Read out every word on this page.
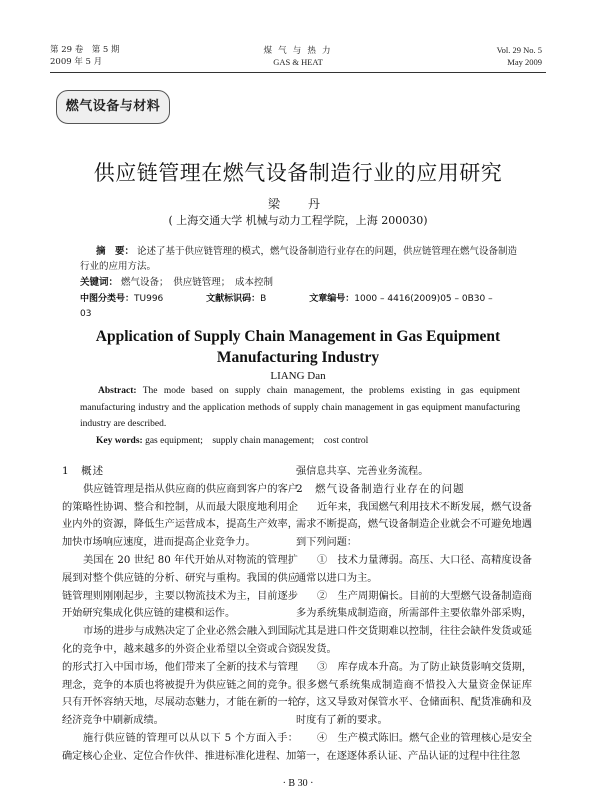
第 29 卷　第 5 期
2009 年 5 月
煤 气 与 热 力
GAS & HEAT
Vol. 29 No. 5
May 2009
燃气设备与材料
供应链管理在燃气设备制造行业的应用研究
梁　丹
( 上海交通大学 机械与动力工程学院，上海 200030)
摘　要： 论述了基于供应链管理的模式，燃气设备制造行业存在的问题，供应链管理在燃气设备制造行业的应用方法。
关键词： 燃气设备；　供应链管理；　成本控制
中图分类号：TU996	文献标识码：B	文章编号：1000 – 4416(2009)05 – 0B30 – 03
Application of Supply Chain Management in Gas Equipment
Manufacturing Industry
LIANG Dan
Abstract: The mode based on supply chain management, the problems existing in gas equipment manufacturing industry and the application methods of supply chain management in gas equipment manufacturing industry are described.
Key words: gas equipment;　supply chain management;　cost control
1　概述

供应链管理是指从供应商的供应商到客户的客户的策略性协调、整合和控制，从而最大限度地利用企业内外的资源，降低生产运营成本，提高生产效率，加快市场响应速度，进而提高企业竞争力。

美国在 20 世纪 80 年代开始从对物流的管理扩展到对整个供应链的分析、研究与重构。我国的供应链管理则刚刚起步，主要以物流技术为主，目前逐步开始研究集成化供应链的建模和运作。

市场的进步与成熟决定了企业必然会融入到国际化的竞争中，越来越多的外资企业希望以全资或合资的形式打入中国市场，他们带来了全新的技术与管理理念，竞争的本质也将被提升为供应链之间的竞争。只有开怀容纳天地，尽展动态魅力，才能在新的一轮经济竞争中刷新成绩。

施行供应链的管理可以从以下 5 个方面入手：确定核心企业、定位合作伙伴、推进标准化进程、加

强信息共享、完善业务流程。

2　燃气设备制造行业存在的问题

近年来，我国燃气利用技术不断发展，燃气设备需求不断提高，燃气设备制造企业就会不可避免地遇到下列问题：

①　技术力量薄弱。高压、大口径、高精度设备通常以进口为主。

②　生产周期偏长。目前的大型燃气设备制造商多为系统集成制造商，所需部件主要依靠外部采购，尤其是进口件交货期难以控制，往往会缺件发货或延误发货。

③　库存成本升高。为了防止缺货影响交货期，很多燃气系统集成制造商不惜投入大量资金保证库存，这又导致对保管水平、仓储面积、配货准确和及时度有了新的要求。

④　生产模式陈旧。燃气企业的管理核心是安全第一，在逐逐体系认证、产品认证的过程中往往忽

· B 30 ·
